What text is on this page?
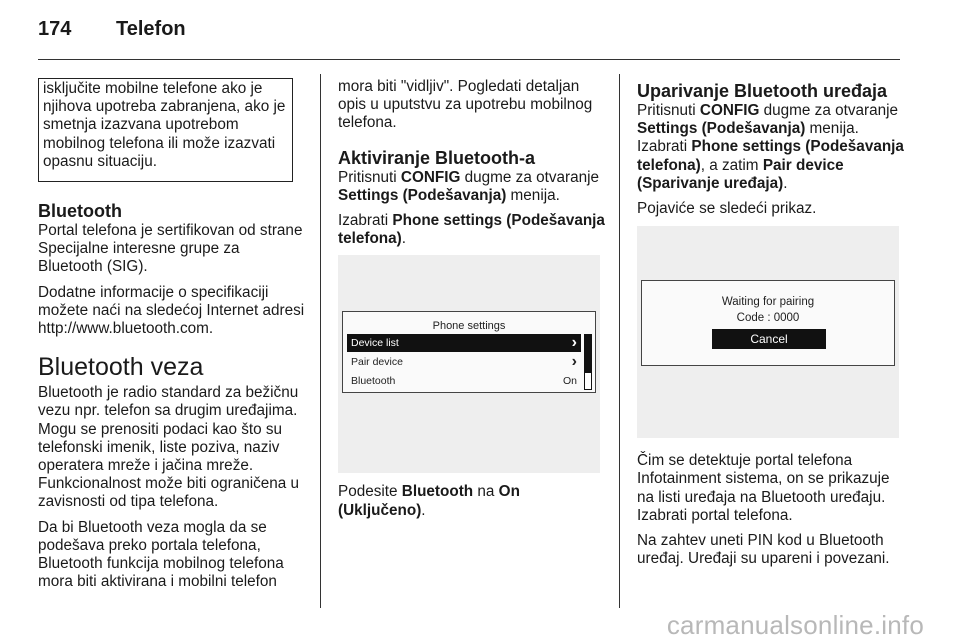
174 Telefon
isključite mobilne telefone ako je njihova upotreba zabranjena, ako je smetnja izazvana upotrebom mobilnog telefona ili može izazvati opasnu situaciju.
Bluetooth

Portal telefona je sertifikovan od strane Specijalne interesne grupe za Bluetooth (SIG).

Dodatne informacije o specifikaciji možete naći na sledećoj Internet adresi http://www.bluetooth.com.

Bluetooth veza

Bluetooth je radio standard za bežičnu vezu npr. telefon sa drugim uređajima. Mogu se prenositi podaci kao što su telefonski imenik, liste poziva, naziv operatera mreže i jačina mreže. Funkcionalnost može biti ograničena u zavisnosti od tipa telefona.

Da bi Bluetooth veza mogla da se podešava preko portala telefona, Bluetooth funkcija mobilnog telefona mora biti aktivirana i mobilni telefon

mora biti "vidljiv". Pogledati detaljan opis u uputstvu za upotrebu mobilnog telefona.

Aktiviranje Bluetooth-a

Pritisnuti CONFIG dugme za otvaranje Settings (Podešavanja) menija.

Izabrati Phone settings (Podešavanja telefona).

Phone settings
Device list	›
Pair device	›
Bluetooth	On

Podesite Bluetooth na On (Uključeno).

Uparivanje Bluetooth uređaja

Pritisnuti CONFIG dugme za otvaranje Settings (Podešavanja) menija. Izabrati Phone settings (Podešavanja telefona), a zatim Pair device (Sparivanje uređaja).

Pojaviće se sledeći prikaz.

Waiting for pairing
Code : 0000
Cancel

Čim se detektuje portal telefona Infotainment sistema, on se prikazuje na listi uređaja na Bluetooth uređaju. Izabrati portal telefona.

Na zahtev uneti PIN kod u Bluetooth uređaj. Uređaji su upareni i povezani.

carmanualsonline.info
